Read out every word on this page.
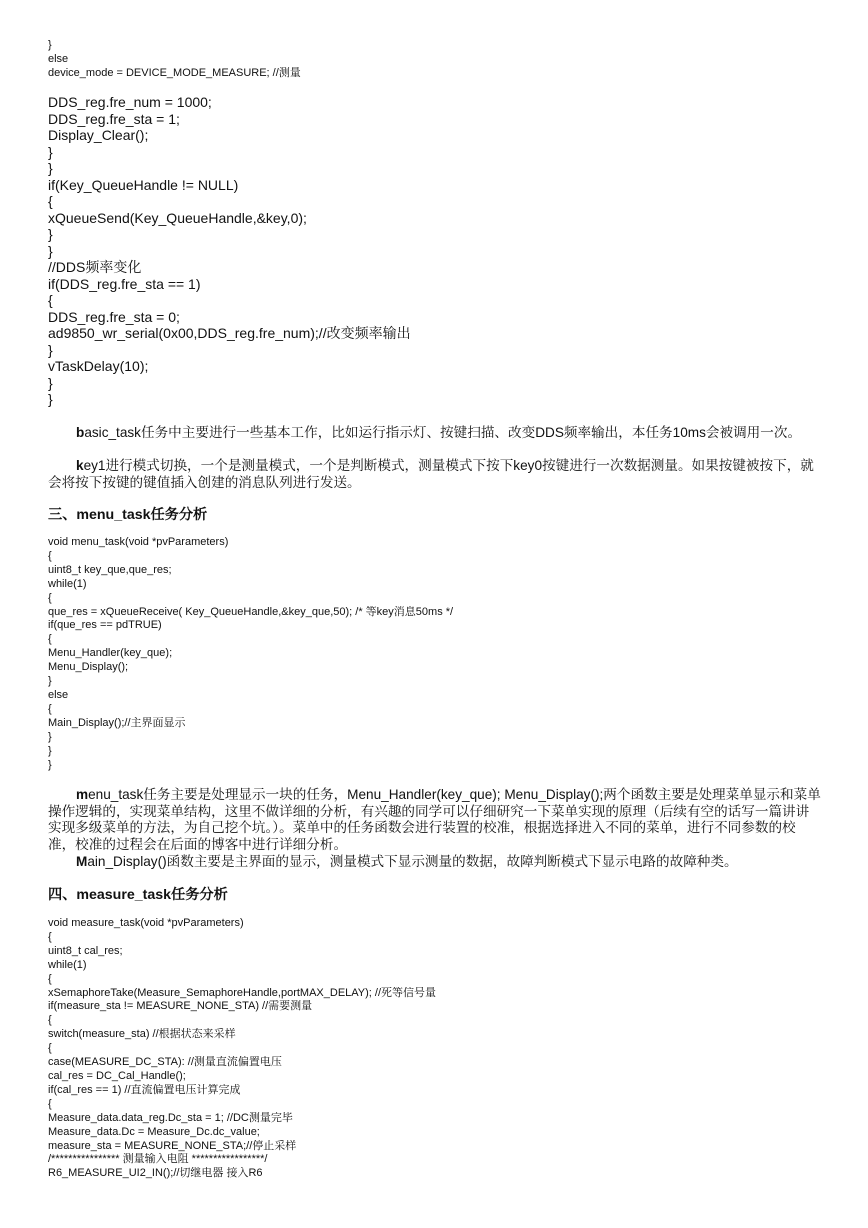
}
else
device_mode = DEVICE_MODE_MEASURE; //测量
DDS_reg.fre_num = 1000;
DDS_reg.fre_sta = 1;
Display_Clear();
}
}
if(Key_QueueHandle != NULL)
{
xQueueSend(Key_QueueHandle,&key,0);
}
}
//DDS频率变化
if(DDS_reg.fre_sta == 1)
{
DDS_reg.fre_sta = 0;
ad9850_wr_serial(0x00,DDS_reg.fre_num);//改变频率输出
}
vTaskDelay(10);
}
}

basic_task任务中主要进行一些基本工作，比如运行指示灯、按键扫描、改变DDS频率输出，本任务10ms会被调用一次。

key1进行模式切换，一个是测量模式，一个是判断模式，测量模式下按下key0按键进行一次数据测量。如果按键被按下，就会将按下按键的键值插入创建的消息队列进行发送。

三、menu_task任务分析
void menu_task(void *pvParameters)
{
uint8_t key_que,que_res;
while(1)
{
que_res = xQueueReceive( Key_QueueHandle,&key_que,50); /* 等key消息50ms */
if(que_res == pdTRUE)
{
Menu_Handler(key_que);
Menu_Display();
}
else
{
Main_Display();//主界面显示
}
}
}

menu_task任务主要是处理显示一块的任务，Menu_Handler(key_que); Menu_Display();两个函数主要是处理菜单显示和菜单操作逻辑的，实现菜单结构，这里不做详细的分析，有兴趣的同学可以仔细研究一下菜单实现的原理（后续有空的话写一篇讲讲实现多级菜单的方法，为自己挖个坑。）。菜单中的任务函数会进行装置的校准，根据选择进入不同的菜单，进行不同参数的校准，校准的过程会在后面的博客中进行详细分析。

Main_Display()函数主要是主界面的显示，测量模式下显示测量的数据，故障判断模式下显示电路的故障种类。

四、measure_task任务分析
void measure_task(void *pvParameters)
{
uint8_t cal_res;
while(1)
{
xSemaphoreTake(Measure_SemaphoreHandle,portMAX_DELAY); //死等信号量
if(measure_sta != MEASURE_NONE_STA) //需要测量
{
switch(measure_sta) //根据状态来采样
{
case(MEASURE_DC_STA): //测量直流偏置电压
cal_res = DC_Cal_Handle();
if(cal_res == 1) //直流偏置电压计算完成
{
Measure_data.data_reg.Dc_sta = 1; //DC测量完毕
Measure_data.Dc = Measure_Dc.dc_value;
measure_sta = MEASURE_NONE_STA;//停止采样
/**************** 测量输入电阻 *****************/
R6_MEASURE_UI2_IN();//切继电器 接入R6
